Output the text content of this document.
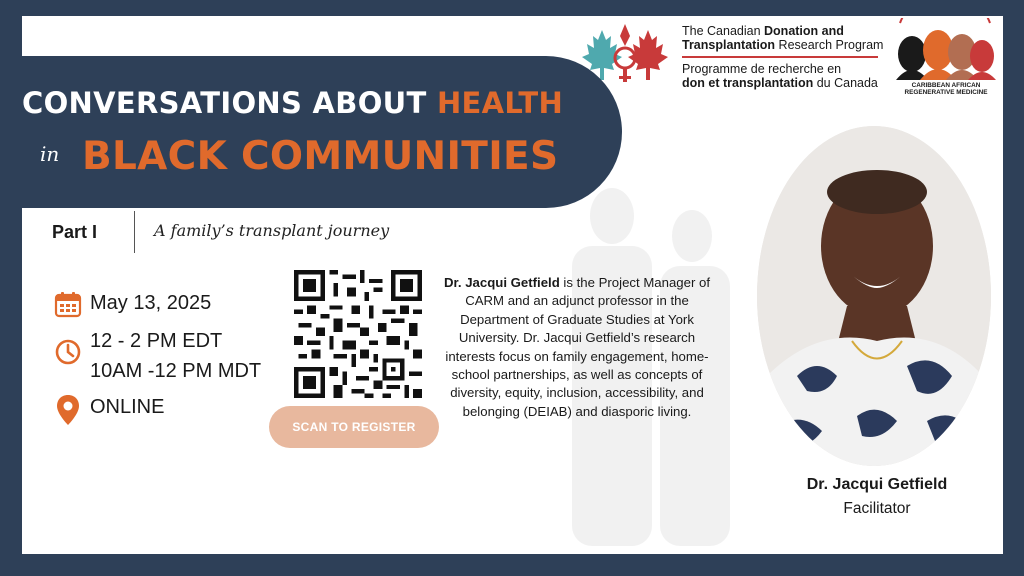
The Canadian Donation and
Transplantation Research Program
Programme de recherche en
don et transplantation du Canada	CARIBBEAN AFRICAN
REGENERATIVE MEDICINE
CONVERSATIONS ABOUT HEALTH
in BLACK COMMUNITIES
Part I	A family’s transplant journey
May 13, 2025
12 - 2 PM EDT
10AM -12 PM MDT
ONLINE
SCAN TO REGISTER
Dr. Jacqui Getfield is the Project Manager of CARM and an adjunct professor in the Department of Graduate Studies at York University. Dr. Jacqui Getfield’s research interests focus on family engagement, home-school partnerships, as well as concepts of diversity, equity, inclusion, accessibility, and belonging (DEIAB) and diasporic living.
Dr. Jacqui Getfield
Facilitator
